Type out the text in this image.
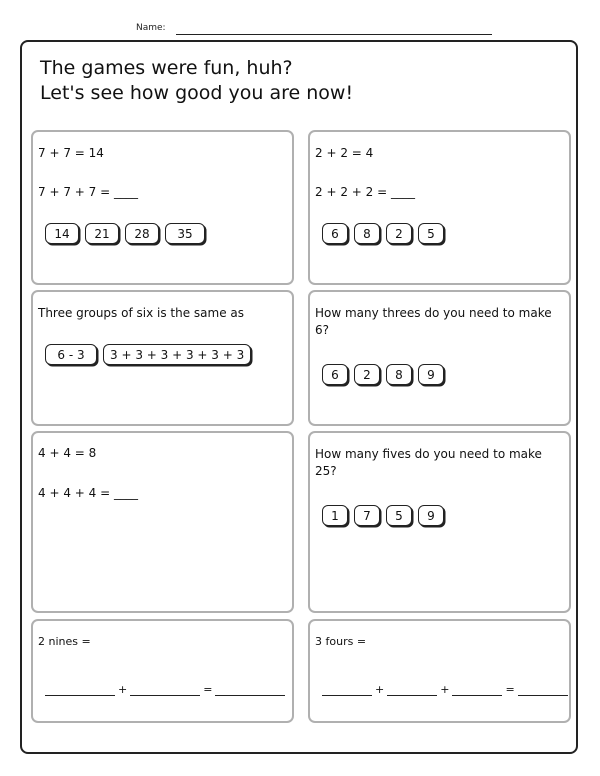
Name:
The games were fun, huh?
Let's see how good you are now!
7 + 7 = 14
7 + 7 + 7 = ____
14	21	28	35
2 + 2 = 4
2 + 2 + 2 = ____
6	8	2	5
Three groups of six is the same as
6 - 3	3 + 3 + 3 + 3 + 3 + 3
How many threes do you need to make 6?
6	2	8	9
4 + 4 = 8
4 + 4 + 4 = ____
How many fives do you need to make 25?
1	7	5	9
2 nines =
+	=
3 fours =
+	+	=
